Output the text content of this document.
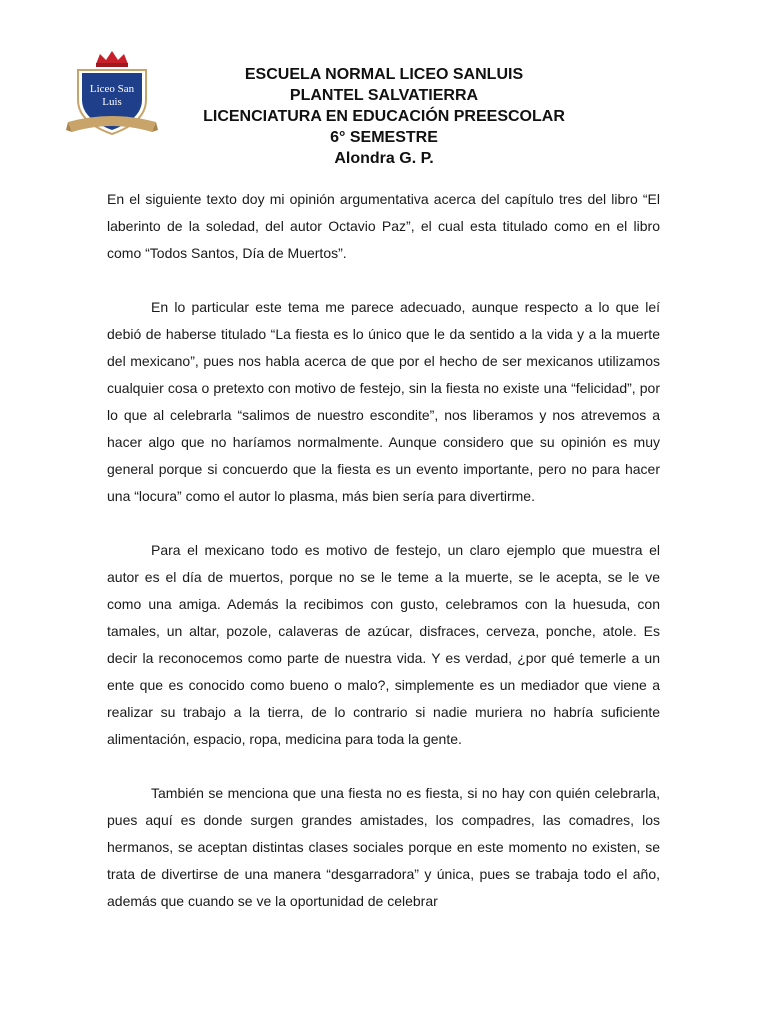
Liceo San
Luis
ESCUELA NORMAL LICEO SANLUIS
PLANTEL SALVATIERRA
LICENCIATURA EN EDUCACIÓN PREESCOLAR
6° SEMESTRE
Alondra G. P.

En el siguiente texto doy mi opinión argumentativa acerca del capítulo tres del libro “El laberinto de la soledad, del autor Octavio Paz”, el cual esta titulado como en el libro como “Todos Santos, Día de Muertos”.

En lo particular este tema me parece adecuado, aunque respecto a lo que leí debió de haberse titulado “La fiesta es lo único que le da sentido a la vida y a la muerte del mexicano”, pues nos habla acerca de que por el hecho de ser mexicanos utilizamos cualquier cosa o pretexto con motivo de festejo, sin la fiesta no existe una “felicidad”, por lo que al celebrarla “salimos de nuestro escondite”, nos liberamos y nos atrevemos a hacer algo que no haríamos normalmente. Aunque considero que su opinión es muy general porque si concuerdo que la fiesta es un evento importante, pero no para hacer una “locura” como el autor lo plasma, más bien sería para divertirme.

Para el mexicano todo es motivo de festejo, un claro ejemplo que muestra el autor es el día de muertos, porque no se le teme a la muerte, se le acepta, se le ve como una amiga. Además la recibimos con gusto, celebramos con la huesuda, con tamales, un altar, pozole, calaveras de azúcar, disfraces, cerveza, ponche, atole. Es decir la reconocemos como parte de nuestra vida. Y es verdad, ¿por qué temerle a un ente que es conocido como bueno o malo?, simplemente es un mediador que viene a realizar su trabajo a la tierra, de lo contrario si nadie muriera no habría suficiente alimentación, espacio, ropa, medicina para toda la gente.

También se menciona que una fiesta no es fiesta, si no hay con quién celebrarla, pues aquí es donde surgen grandes amistades, los compadres, las comadres, los hermanos, se aceptan distintas clases sociales porque en este momento no existen, se trata de divertirse de una manera “desgarradora” y única, pues se trabaja todo el año, además que cuando se ve la oportunidad de celebrar
